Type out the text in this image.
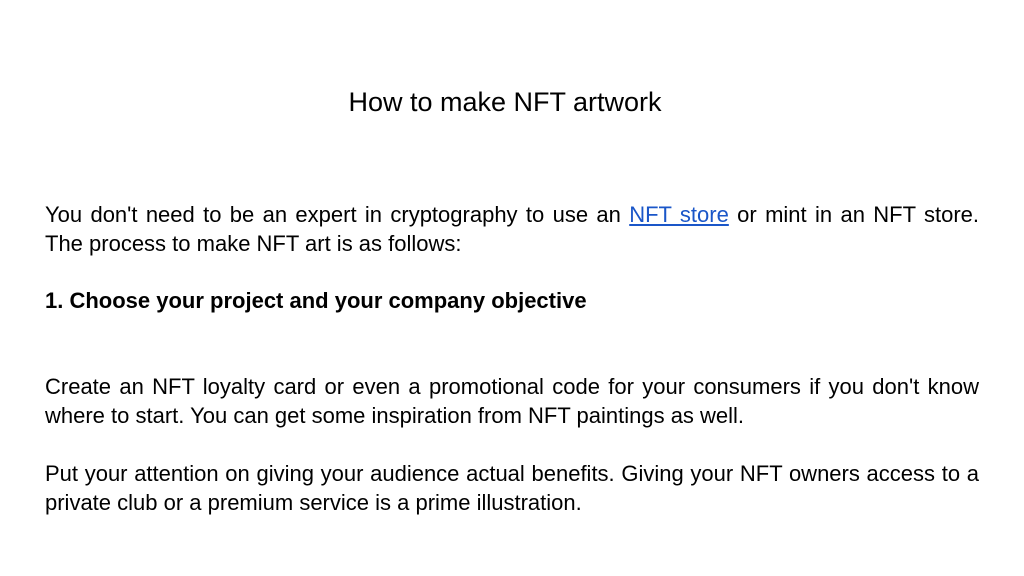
How to make NFT artwork
You don't need to be an expert in cryptography to use an NFT store or mint in an NFT store. The process to make NFT art is as follows:
1. Choose your project and your company objective
Create an NFT loyalty card or even a promotional code for your consumers if you don't know where to start. You can get some inspiration from NFT paintings as well.
Put your attention on giving your audience actual benefits. Giving your NFT owners access to a private club or a premium service is a prime illustration.
